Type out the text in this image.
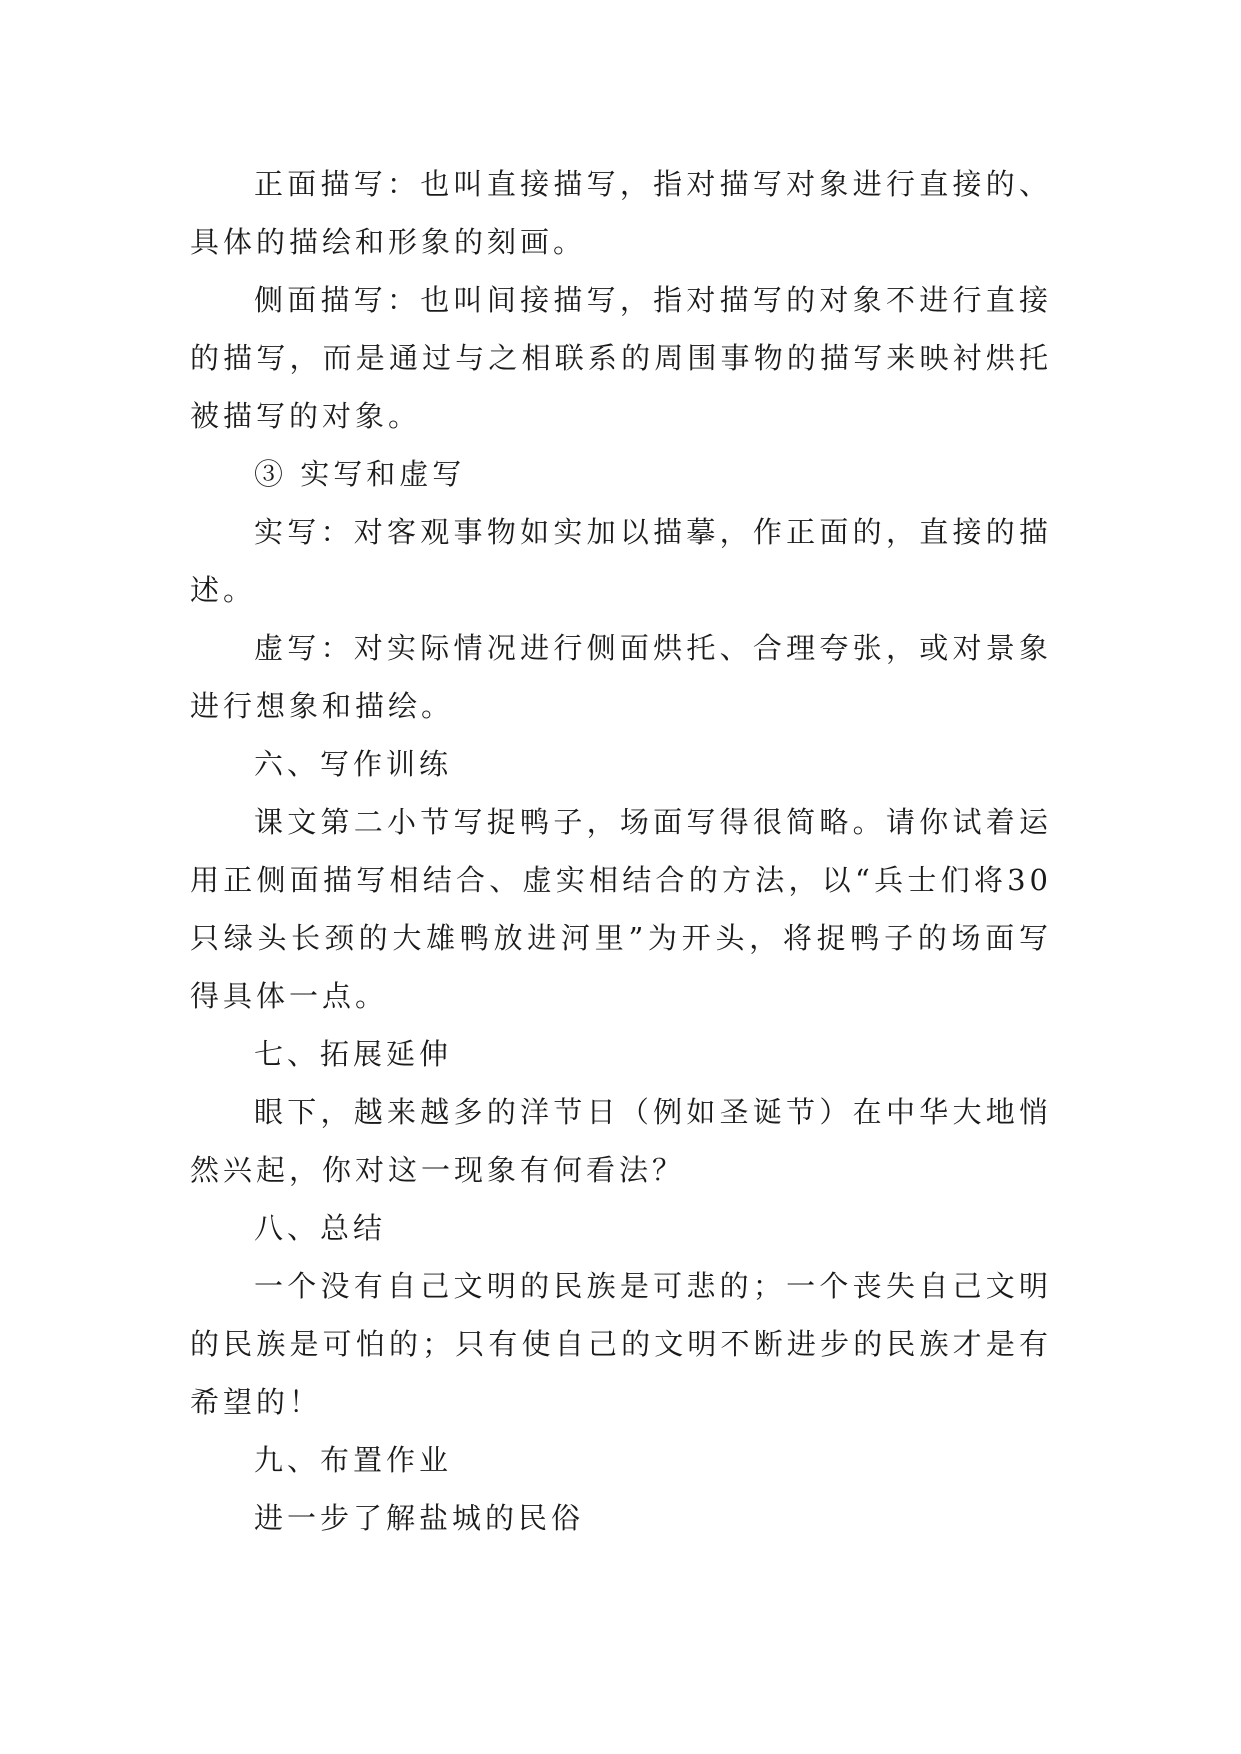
正面描写：也叫直接描写，指对描写对象进行直接的、具体的描绘和形象的刻画。

侧面描写：也叫间接描写，指对描写的对象不进行直接的描写，而是通过与之相联系的周围事物的描写来映衬烘托被描写的对象。

③ 实写和虚写

实写：对客观事物如实加以描摹，作正面的，直接的描述。

虚写：对实际情况进行侧面烘托、合理夸张，或对景象进行想象和描绘。

六、写作训练

课文第二小节写捉鸭子，场面写得很简略。请你试着运用正侧面描写相结合、虚实相结合的方法，以“兵士们将30只绿头长颈的大雄鸭放进河里”为开头，将捉鸭子的场面写得具体一点。

七、拓展延伸

眼下，越来越多的洋节日（例如圣诞节）在中华大地悄然兴起，你对这一现象有何看法？

八、总结

一个没有自己文明的民族是可悲的；一个丧失自己文明的民族是可怕的；只有使自己的文明不断进步的民族才是有希望的！

九、布置作业

进一步了解盐城的民俗
